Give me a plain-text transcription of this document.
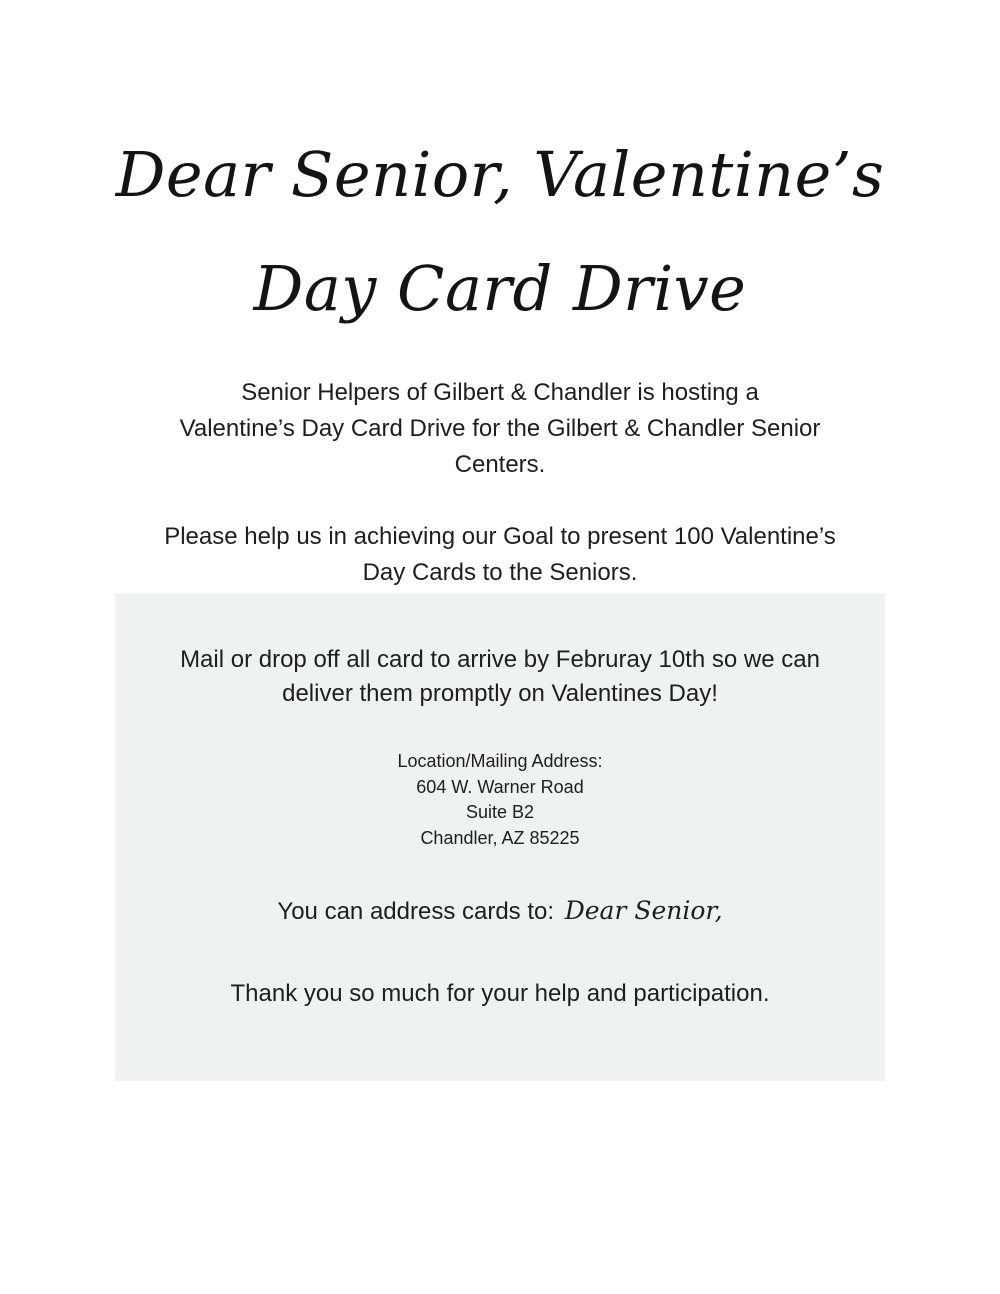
Dear Senior, Valentine’s
Day Card Drive

Senior Helpers of Gilbert & Chandler is hosting a
Valentine’s Day Card Drive for the Gilbert & Chandler Senior
Centers.

Please help us in achieving our Goal to present 100 Valentine’s
Day Cards to the Seniors.

Mail or drop off all card to arrive by Februray 10th so we can
deliver them promptly on Valentines Day!

Location/Mailing Address:
604 W. Warner Road
Suite B2
Chandler, AZ 85225

You can address cards to: Dear Senior,

Thank you so much for your help and participation.
